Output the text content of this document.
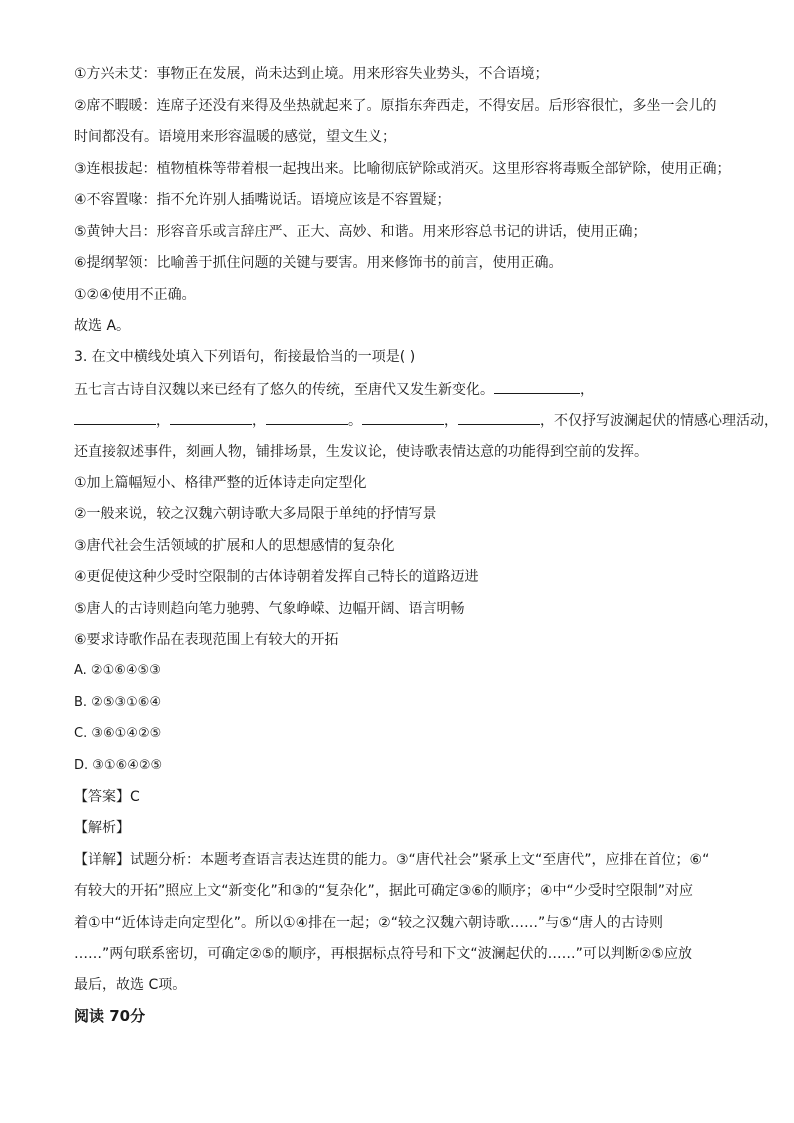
①方兴未艾：事物正在发展，尚未达到止境。用来形容失业势头，不合语境；
②席不暇暖：连席子还没有来得及坐热就起来了。原指东奔西走，不得安居。后形容很忙，多坐一会儿的
时间都没有。语境用来形容温暖的感觉，望文生义；
③连根拔起：植物植株等带着根一起拽出来。比喻彻底铲除或消灭。这里形容将毒贩全部铲除，使用正确；
④不容置喙：指不允许别人插嘴说话。语境应该是不容置疑；
⑤黄钟大吕：形容音乐或言辞庄严、正大、高妙、和谐。用来形容总书记的讲话，使用正确；
⑥提纲挈领：比喻善于抓住问题的关键与要害。用来修饰书的前言，使用正确。
①②④使用不正确。
故选 A。
3. 在文中横线处填入下列语句，衔接最恰当的一项是( )
五七言古诗自汉魏以来已经有了悠久的传统，至唐代又发生新变化。	，
，	，	。	，	，不仅抒写波澜起伏的情感心理活动，
还直接叙述事件，刻画人物，铺排场景，生发议论，使诗歌表情达意的功能得到空前的发挥。
①加上篇幅短小、格律严整的近体诗走向定型化
②一般来说，较之汉魏六朝诗歌大多局限于单纯的抒情写景
③唐代社会生活领域的扩展和人的思想感情的复杂化
④更促使这种少受时空限制的古体诗朝着发挥自己特长的道路迈进
⑤唐人的古诗则趋向笔力驰骋、气象峥嵘、边幅开阔、语言明畅
⑥要求诗歌作品在表现范围上有较大的开拓
A. ②①⑥④⑤③
B. ②⑤③①⑥④
C. ③⑥①④②⑤
D. ③①⑥④②⑤
【答案】C
【解析】
【详解】试题分析：本题考查语言表达连贯的能力。③“唐代社会”紧承上文“至唐代”，应排在首位；⑥“
有较大的开拓”照应上文“新变化”和③的“复杂化”，据此可确定③⑥的顺序；④中“少受时空限制”对应
着①中“近体诗走向定型化”。所以①④排在一起；②“较之汉魏六朝诗歌……”与⑤“唐人的古诗则
……”两句联系密切，可确定②⑤的顺序，再根据标点符号和下文“波澜起伏的……”可以判断②⑤应放
最后，故选 C项。
阅读 70分
